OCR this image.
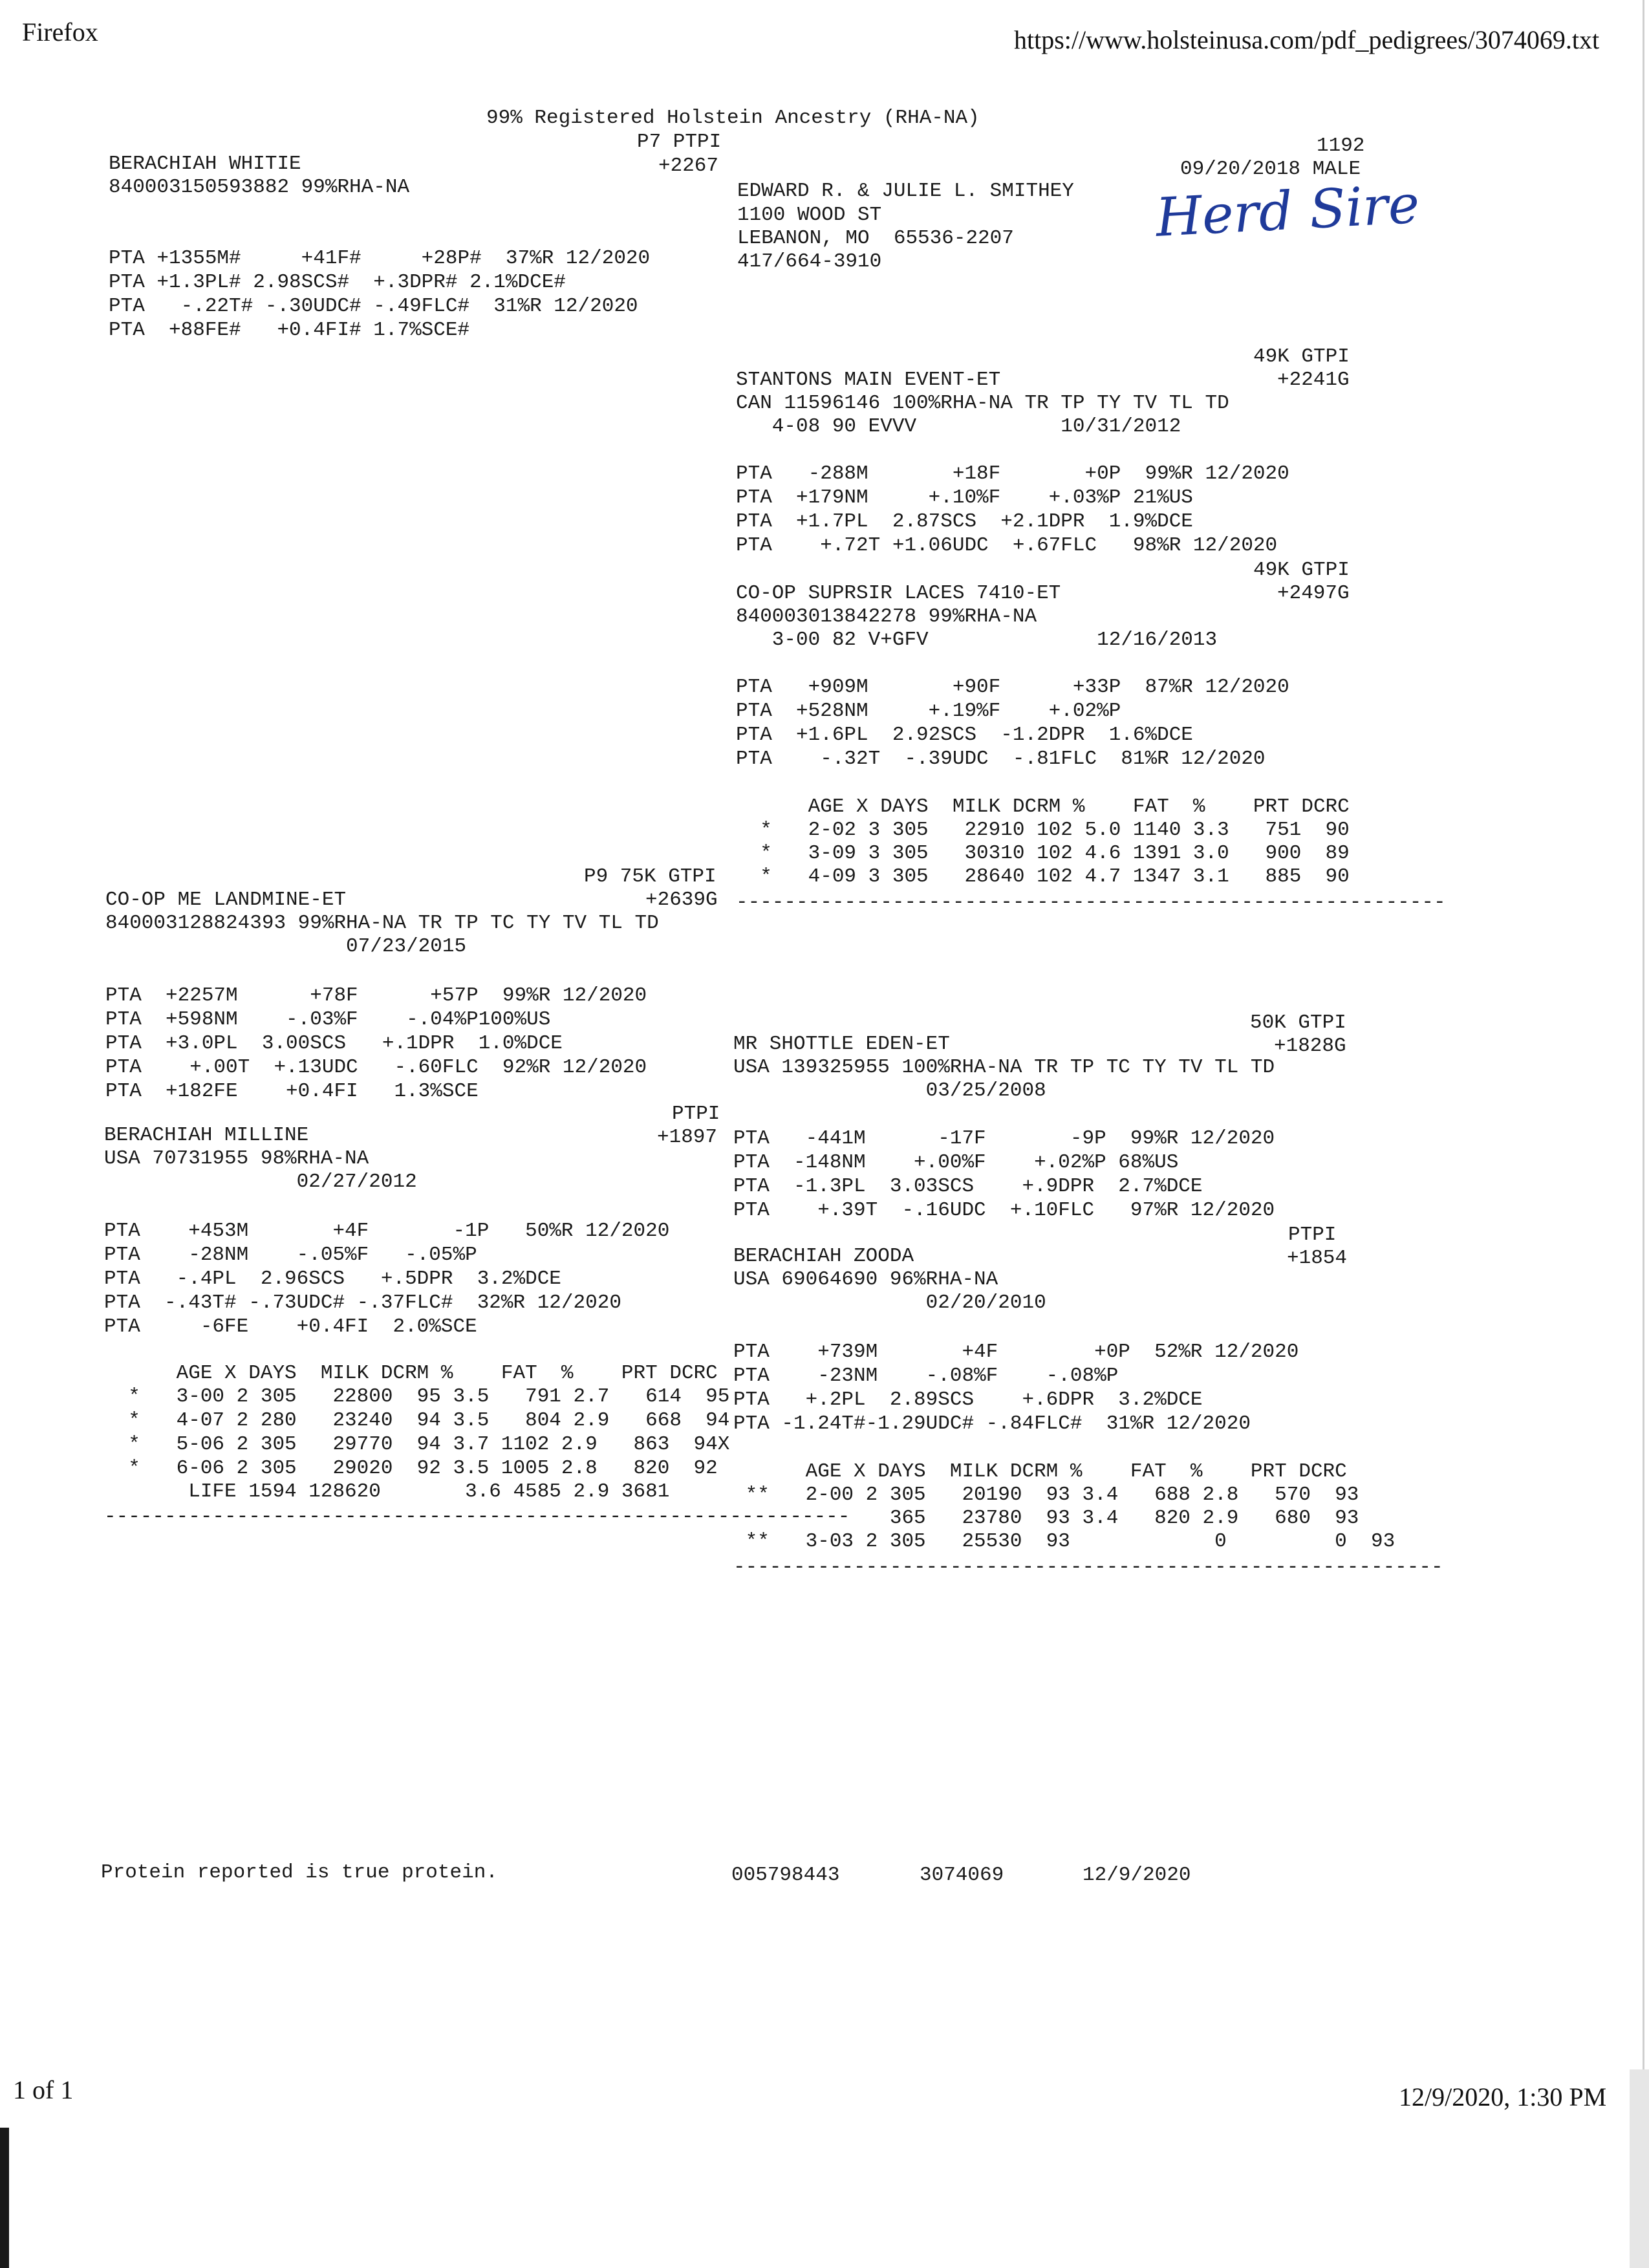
Firefox	https://www.holsteinusa.com/pdf_pedigrees/3074069.txt
99% Registered Holstein Ancestry (RHA-NA)
P7 PTPI
+2267
BERACHIAH WHITIE
840003150593882 99%RHA-NA
PTA +1355M#     +41F#     +28P#  37%R 12/2020
PTA +1.3PL# 2.98SCS#  +.3DPR# 2.1%DCE#
PTA   -.22T# -.30UDC# -.49FLC#  31%R 12/2020
PTA  +88FE#   +0.4FI# 1.7%SCE#
1192
09/20/2018 MALE
EDWARD R. & JULIE L. SMITHEY
1100 WOOD ST
LEBANON, MO  65536-2207
417/664-3910
Herd Sire
49K GTPI
+2241G
STANTONS MAIN EVENT-ET
CAN 11596146 100%RHA-NA TR TP TY TV TL TD
4-08 90 EVVV            10/31/2012
PTA   -288M       +18F       +0P  99%R 12/2020
PTA  +179NM     +.10%F    +.03%P 21%US
PTA  +1.7PL  2.87SCS  +2.1DPR  1.9%DCE
PTA    +.72T +1.06UDC  +.67FLC   98%R 12/2020
49K GTPI
+2497G
CO-OP SUPRSIR LACES 7410-ET
840003013842278 99%RHA-NA
3-00 82 V+GFV              12/16/2013
PTA   +909M       +90F      +33P  87%R 12/2020
PTA  +528NM     +.19%F    +.02%P
PTA  +1.6PL  2.92SCS  -1.2DPR  1.6%DCE
PTA    -.32T  -.39UDC  -.81FLC  81%R 12/2020
AGE X DAYS  MILK DCRM %    FAT  %    PRT DCRC
*   2-02 3 305   22910 102 5.0 1140 3.3   751  90
*   3-09 3 305   30310 102 4.6 1391 3.0   900  89
*   4-09 3 305   28640 102 4.7 1347 3.1   885  90
-----------------------------------------------------------
P9 75K GTPI
+2639G
CO-OP ME LANDMINE-ET
840003128824393 99%RHA-NA TR TP TC TY TV TL TD
07/23/2015
PTA  +2257M      +78F      +57P  99%R 12/2020
PTA  +598NM    -.03%F    -.04%P100%US
PTA  +3.0PL  3.00SCS   +.1DPR  1.0%DCE
PTA    +.00T  +.13UDC   -.60FLC  92%R 12/2020
PTA  +182FE    +0.4FI   1.3%SCE
50K GTPI
+1828G
MR SHOTTLE EDEN-ET
USA 139325955 100%RHA-NA TR TP TC TY TV TL TD
03/25/2008
PTA   -441M      -17F       -9P  99%R 12/2020
PTA  -148NM    +.00%F    +.02%P 68%US
PTA  -1.3PL  3.03SCS    +.9DPR  2.7%DCE
PTA    +.39T  -.16UDC  +.10FLC   97%R 12/2020
PTPI
+1897
BERACHIAH MILLINE
USA 70731955 98%RHA-NA
02/27/2012
PTA    +453M       +4F       -1P   50%R 12/2020
PTA    -28NM    -.05%F   -.05%P
PTA   -.4PL  2.96SCS   +.5DPR  3.2%DCE
PTA  -.43T# -.73UDC# -.37FLC#  32%R 12/2020
PTA     -6FE    +0.4FI  2.0%SCE
AGE X DAYS  MILK DCRM %    FAT  %    PRT DCRC
*   3-00 2 305   22800  95 3.5   791 2.7   614  95
*   4-07 2 280   23240  94 3.5   804 2.9   668  94
*   5-06 2 305   29770  94 3.7 1102 2.9   863  94X
*   6-06 2 305   29020  92 3.5 1005 2.8   820  92
LIFE 1594 128620       3.6 4585 2.9 3681
--------------------------------------------------------------
PTPI
+1854
BERACHIAH ZOODA
USA 69064690 96%RHA-NA
02/20/2010
PTA    +739M       +4F        +0P  52%R 12/2020
PTA    -23NM    -.08%F    -.08%P
PTA   +.2PL  2.89SCS    +.6DPR  3.2%DCE
PTA -1.24T#-1.29UDC# -.84FLC#  31%R 12/2020
AGE X DAYS  MILK DCRM %    FAT  %    PRT DCRC
**   2-00 2 305   20190  93 3.4   688 2.8   570  93
365   23780  93 3.4   820 2.9   680  93
**   3-03 2 305   25530  93            0         0  93
-----------------------------------------------------------
Protein reported is true protein.	005798443	3074069	12/9/2020
1 of 1	12/9/2020, 1:30 PM
